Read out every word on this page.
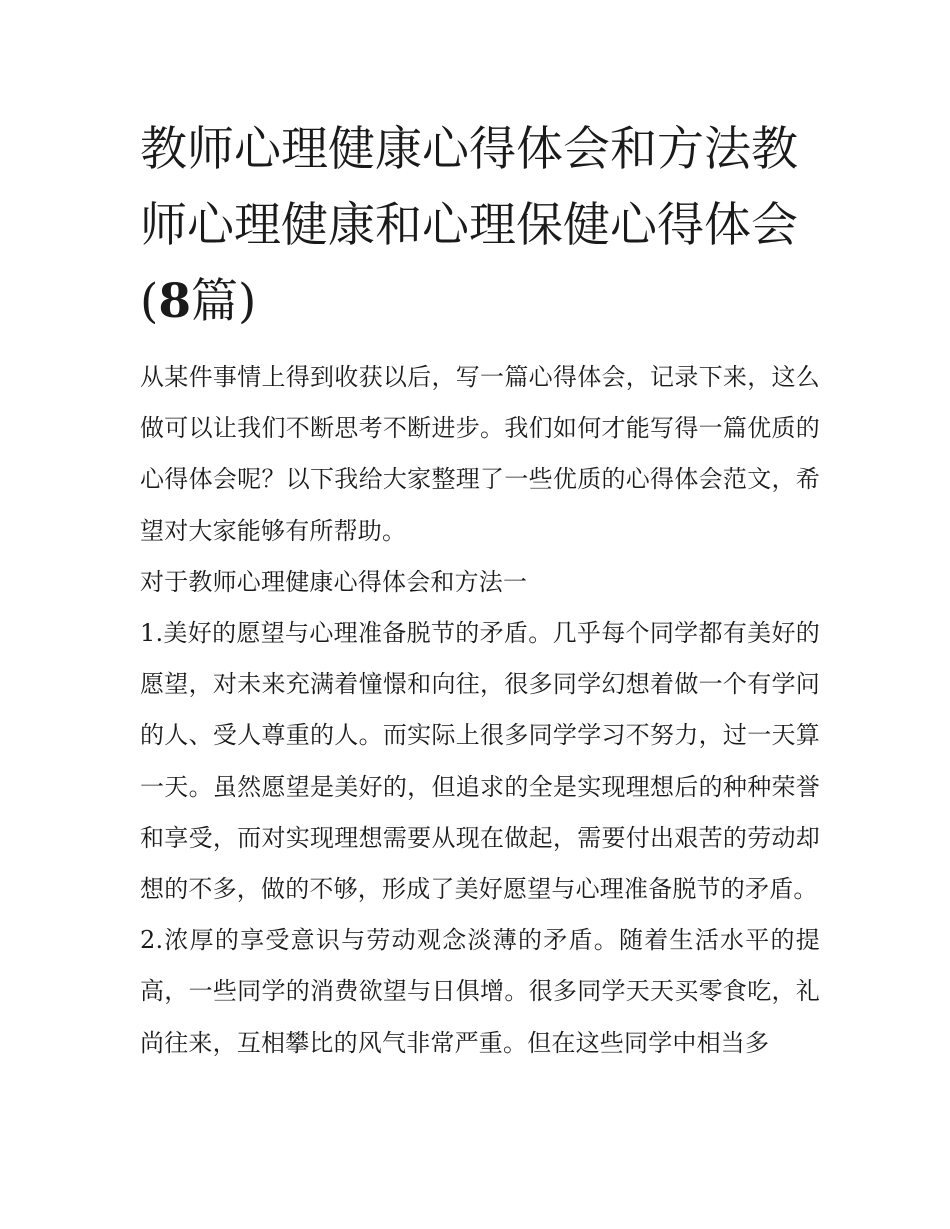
教师心理健康心得体会和方法教师心理健康和心理保健心得体会(8篇)

从某件事情上得到收获以后，写一篇心得体会，记录下来，这么做可以让我们不断思考不断进步。我们如何才能写得一篇优质的心得体会呢？以下我给大家整理了一些优质的心得体会范文，希望对大家能够有所帮助。

对于教师心理健康心得体会和方法一

1.美好的愿望与心理准备脱节的矛盾。几乎每个同学都有美好的愿望，对未来充满着憧憬和向往，很多同学幻想着做一个有学问的人、受人尊重的人。而实际上很多同学学习不努力，过一天算一天。虽然愿望是美好的，但追求的全是实现理想后的种种荣誉和享受，而对实现理想需要从现在做起，需要付出艰苦的劳动却想的不多，做的不够，形成了美好愿望与心理准备脱节的矛盾。

2.浓厚的享受意识与劳动观念淡薄的矛盾。随着生活水平的提高，一些同学的消费欲望与日俱增。很多同学天天买零食吃，礼尚往来，互相攀比的风气非常严重。但在这些同学中相当多
